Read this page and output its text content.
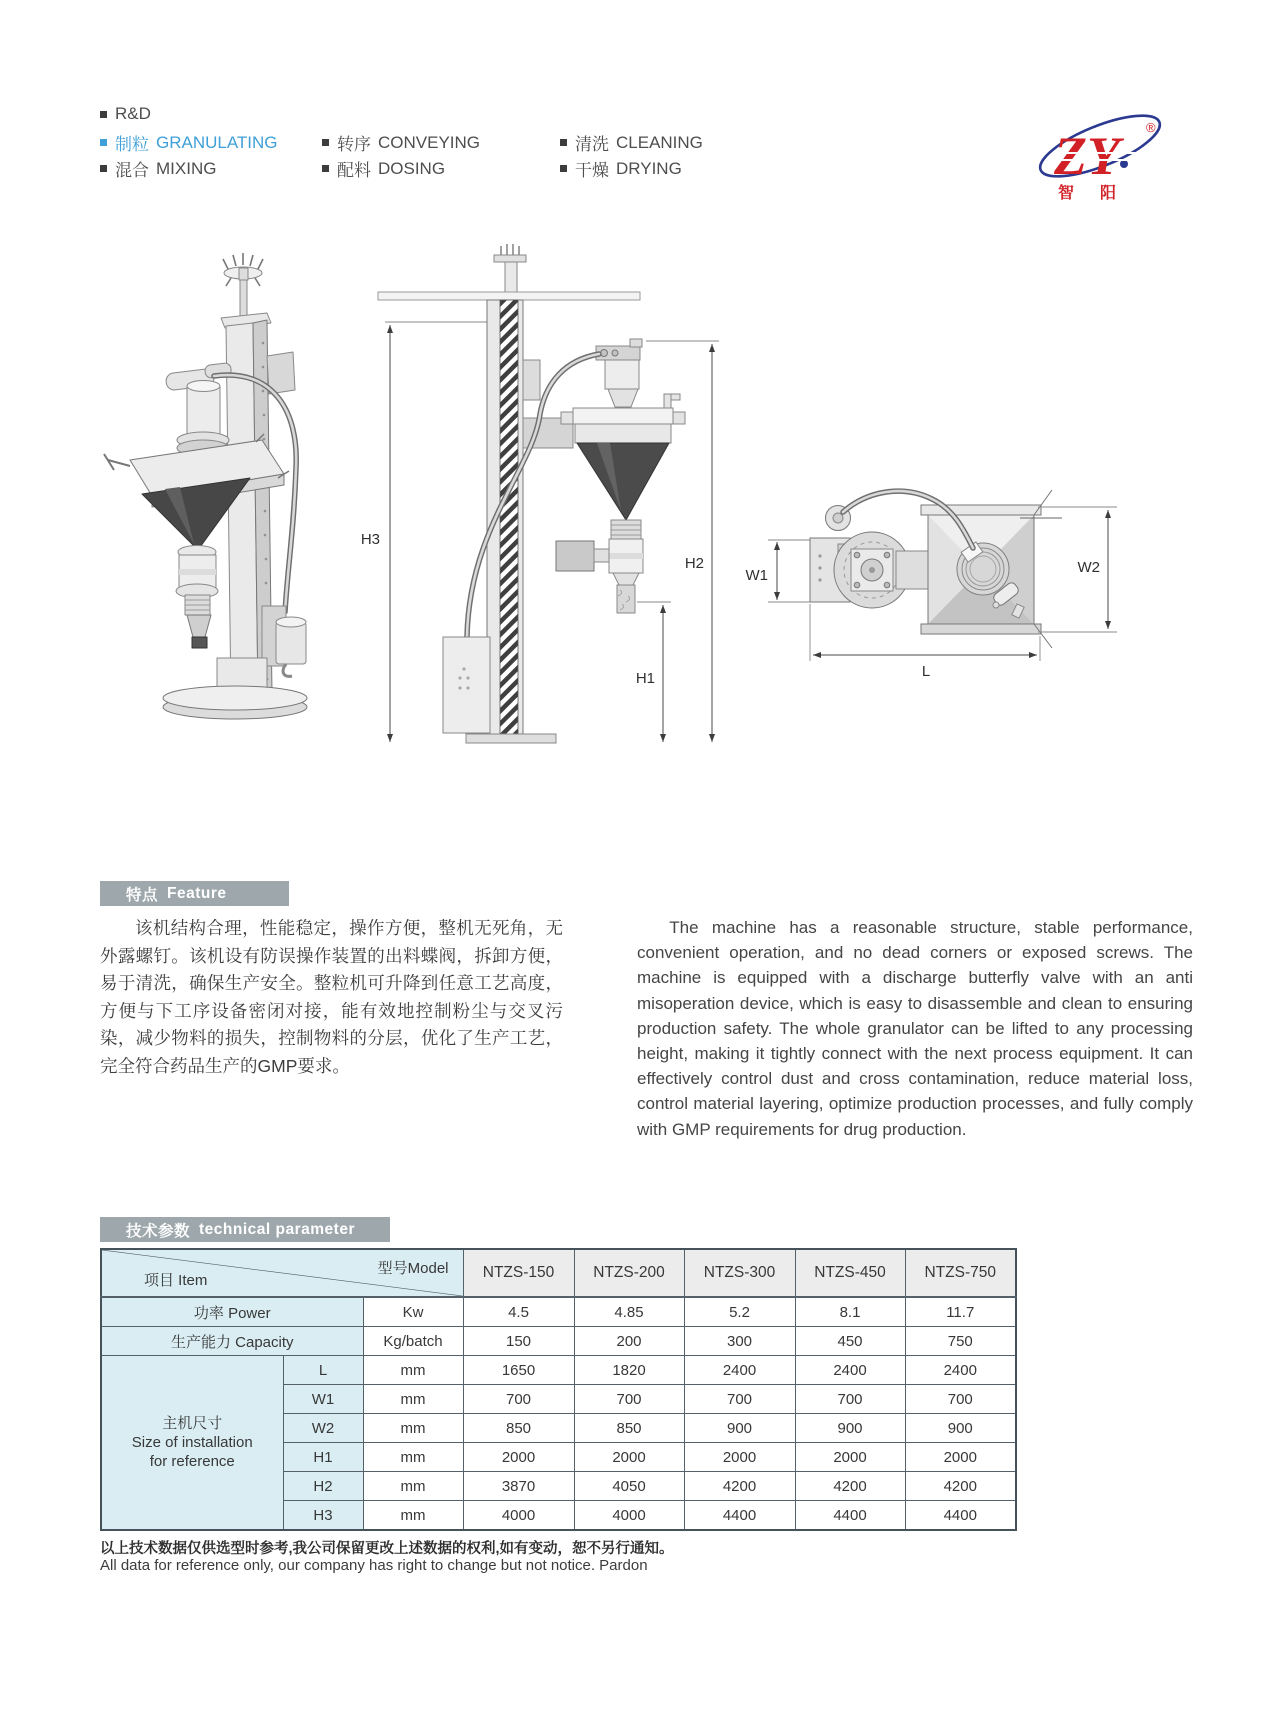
R&D
制粒 GRANULATING
混合 MIXING
转序 CONVEYING
配料 DOSING
清洗 CLEANING
干燥 DRYING	ZY	®
智阳
H3
H2
H1
W1	W2
L
特点 Feature
该机结构合理，性能稳定，操作方便，整机无死角，无外露螺钉。该机设有防误操作装置的出料蝶阀，拆卸方便，易于清洗，确保生产安全。整粒机可升降到任意工艺高度，方便与下工序设备密闭对接，能有效地控制粉尘与交叉污染，减少物料的损失，控制物料的分层，优化了生产工艺，完全符合药品生产的GMP要求。
The machine has a reasonable structure, stable performance, convenient operation, and no dead corners or exposed screws. The machine is equipped with a discharge butterfly valve with an anti misoperation device, which is easy to disassemble and clean to ensuring production safety. The whole granulator can be lifted to any processing height, making it tightly connect with the next process equipment. It can effectively control dust and cross contamination, reduce material loss, control material layering, optimize production processes, and fully comply with GMP requirements for drug production.
技术参数 technical parameter
项目 Item
型号Model			NTZS-150	NTZS-200	NTZS-300	NTZS-450	NTZS-750
功率 Power		Kw	4.5	4.85	5.2	8.1	11.7
生产能力 Capacity		Kg/batch	150	200	300	450	750

主机尺寸
Size of installation
for reference	L	mm	1650	1820	2400	2400	2400
	W1	mm	700	700	700	700	700
	W2	mm	850	850	900	900	900
	H1	mm	2000	2000	2000	2000	2000
	H2	mm	3870	4050	4200	4200	4200
	H3	mm	4000	4000	4400	4400	4400
以上技术数据仅供选型时参考,我公司保留更改上述数据的权利,如有变动，恕不另行通知。
All data for reference only, our company has right to change but not notice. Pardon
